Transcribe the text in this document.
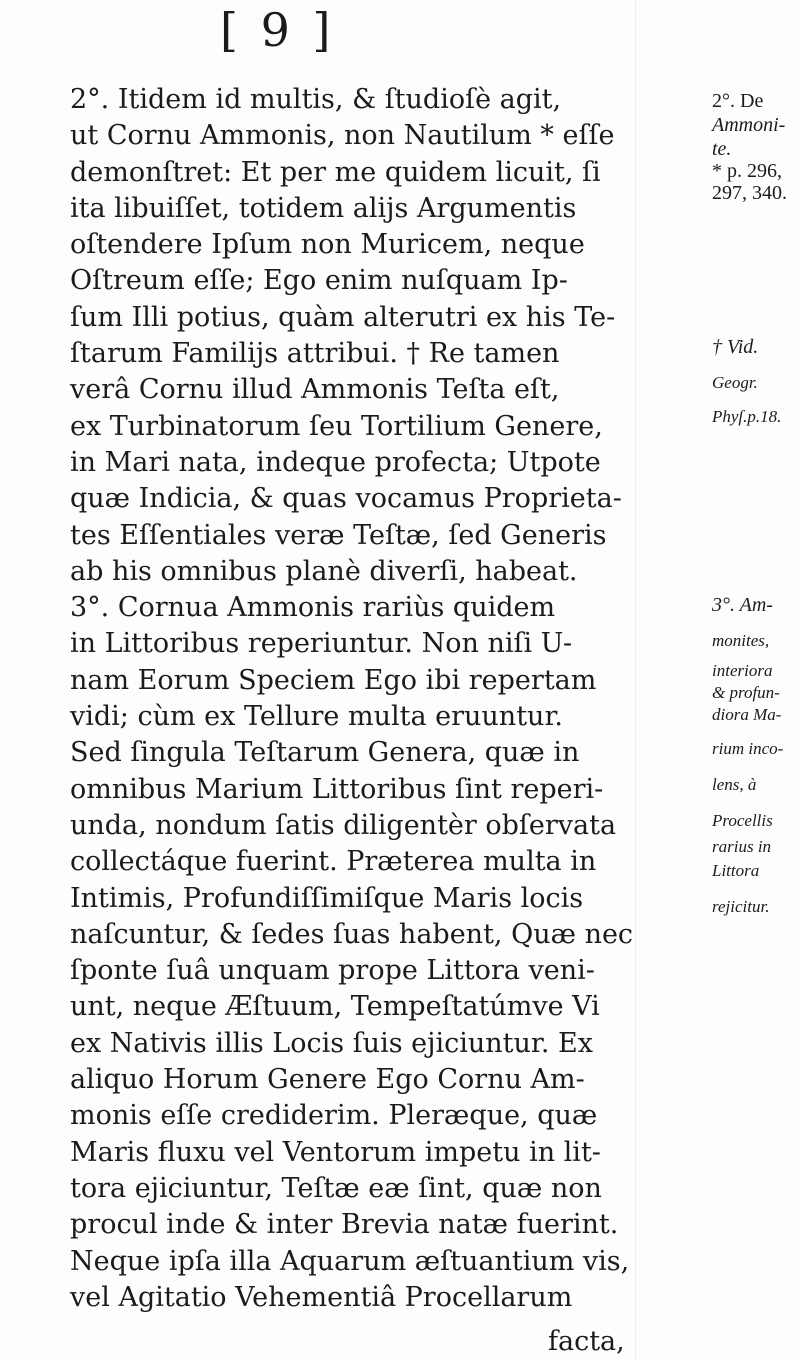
[ 9 ]
2°. Itidem id multis, & ſtudioſè agit,
ut Cornu Ammonis, non Nautilum * eſſe
demonſtret: Et per me quidem licuit, ſi
ita libuiſſet, totidem alijs Argumentis
oſtendere Ipſum non Muricem, neque
Oſtreum eſſe; Ego enim nuſquam Ip-
ſum Illi potius, quàm alterutri ex his Te-
ſtarum Familijs attribui. † Re tamen
verâ Cornu illud Ammonis Teſta eſt,
ex Turbinatorum ſeu Tortilium Genere,
in Mari nata, indeque profecta; Utpote
quæ Indicia, & quas vocamus Proprieta-
tes Eſſentiales veræ Teſtæ, ſed Generis
ab his omnibus planè diverſi, habeat.
3°. Cornua Ammonis rariùs quidem
in Littoribus reperiuntur. Non niſi U-
nam Eorum Speciem Ego ibi repertam
vidi; cùm ex Tellure multa eruuntur.
Sed ſingula Teſtarum Genera, quæ in
omnibus Marium Littoribus ſint reperi-
unda, nondum ſatis diligentèr obſervata
collectáque fuerint. Præterea multa in
Intimis, Profundiſſimiſque Maris locis
naſcuntur, & ſedes ſuas habent, Quæ nec
ſponte ſuâ unquam prope Littora veni-
unt, neque Æſtuum, Tempeſtatúmve Vi
ex Nativis illis Locis ſuis ejiciuntur. Ex
aliquo Horum Genere Ego Cornu Am-
monis eſſe crediderim. Pleræque, quæ
Maris fluxu vel Ventorum impetu in lit-
tora ejiciuntur, Teſtæ eæ ſint, quæ non
procul inde & inter Brevia natæ fuerint.
Neque ipſa illa Aquarum æſtuantium vis,
vel Agitatio Vehementiâ Procellarum
2°. De
Ammoni-
te.
* p. 296,
297, 340.
† Vid.
Geogr.
Phyſ.p.18.
3°. Am-
monites,
interiora
& profun-
diora Ma-
rium inco-
lens, à
Procellis
rarius in
Littora
rejicitur.
facta,
